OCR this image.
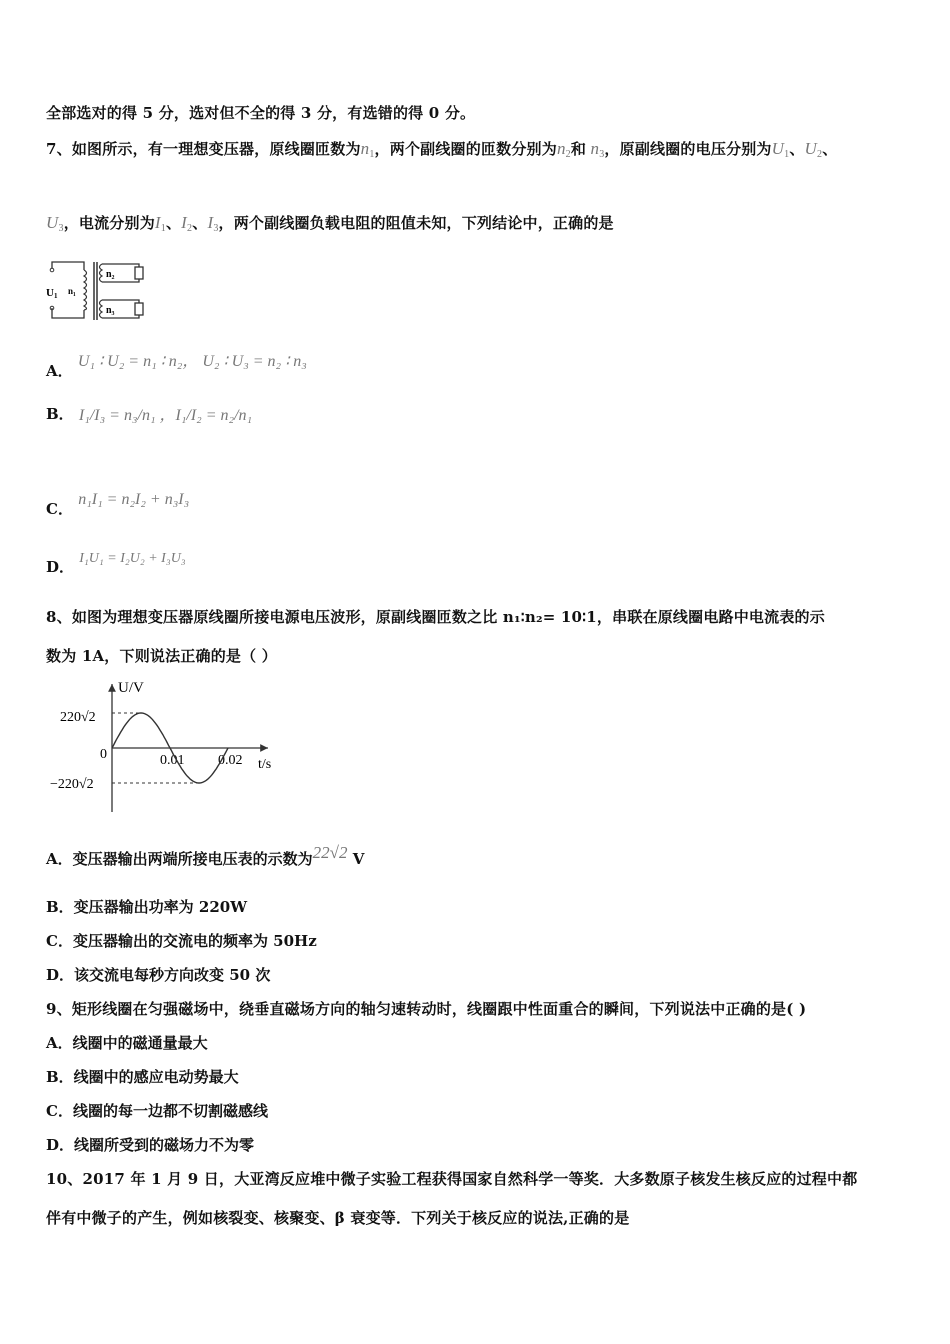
全部选对的得 5 分，选对但不全的得 3 分，有选错的得 0 分。
7、如图所示，有一理想变压器，原线圈匝数为$n_1$，两个副线圈的匝数分别为$n_2$和 $n_3$，原副线圈的电压分别为$U_1$、$U_2$、
$U_3$，电流分别为$I_1$、$I_2$、$I_3$，两个副线圈负载电阻的阻值未知，下列结论中，正确的是
U1 n₁
n₂
n₃
A． U₁ ∶ U₂ = n₁ ∶ n₂， U₂ ∶ U₃ = n₂ ∶ n₃
B． I₁/I₃ = n₃/n₁ ，I₁/I₂ = n₂/n₁
C． n₁I₁ = n₂I₂ + n₃I₃
D． I₁U₁ = I₂U₂ + I₃U₃
8、如图为理想变压器原线圈所接电源电压波形，原副线圈匝数之比 n₁∶n₂= 10∶1，串联在原线圈电路中电流表的示
数为 1A，下则说法正确的是（ ）
U/V
t/s
0
220√2
−220√2
0.01 0.02
A．变压器输出两端所接电压表的示数为22√2 V
B．变压器输出功率为 220W
C．变压器输出的交流电的频率为 50Hz
D．该交流电每秒方向改变 50 次
9、矩形线圈在匀强磁场中，绕垂直磁场方向的轴匀速转动时，线圈跟中性面重合的瞬间，下列说法中正确的是( )
A．线圈中的磁通量最大
B．线圈中的感应电动势最大
C．线圈的每一边都不切割磁感线
D．线圈所受到的磁场力不为零
10、2017 年 1 月 9 日，大亚湾反应堆中微子实验工程获得国家自然科学一等奖．大多数原子核发生核反应的过程中都
伴有中微子的产生，例如核裂变、核聚变、β 衰变等．下列关于核反应的说法,正确的是
